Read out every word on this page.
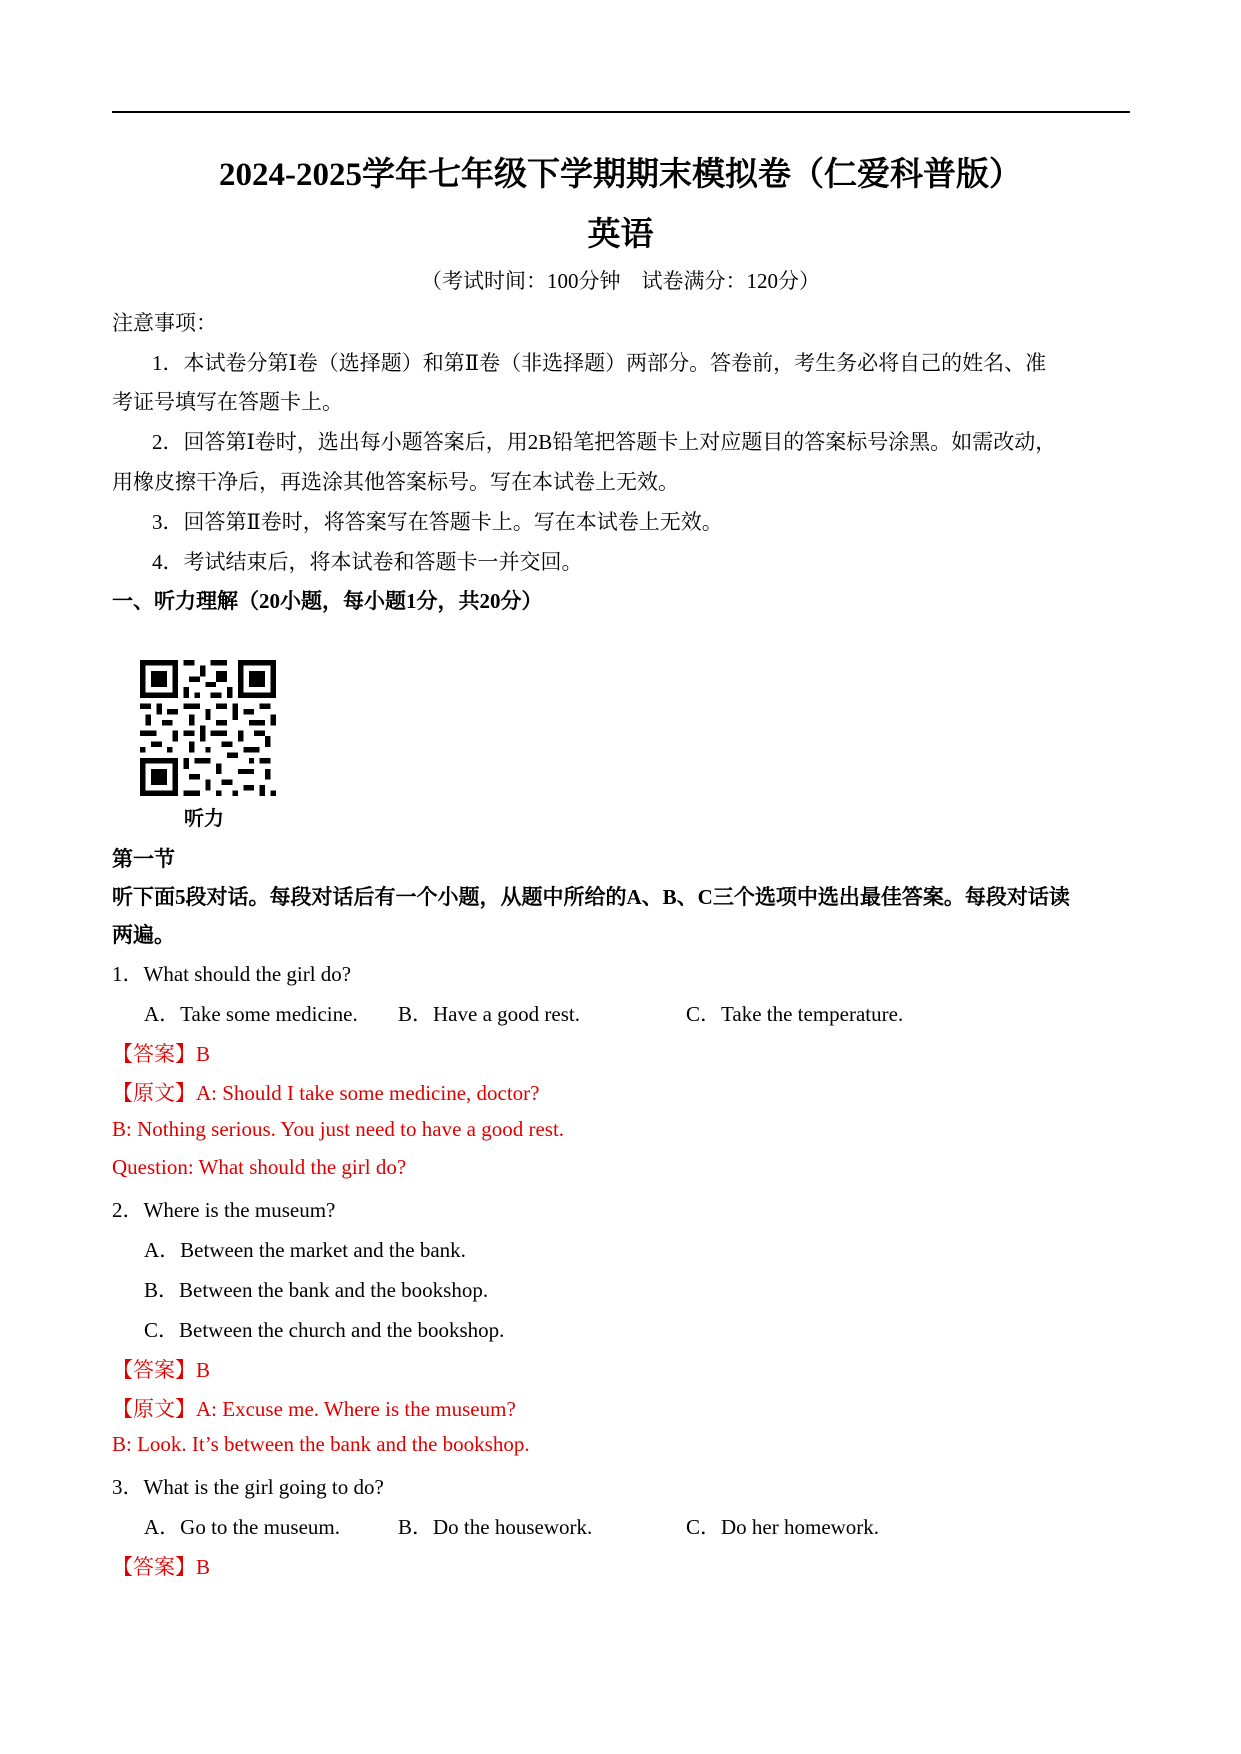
2024-2025学年七年级下学期期末模拟卷（仁爱科普版）
英语
（考试时间：100分钟　试卷满分：120分）
注意事项：
1．本试卷分第Ⅰ卷（选择题）和第Ⅱ卷（非选择题）两部分。答卷前，考生务必将自己的姓名、准
考证号填写在答题卡上。
2．回答第Ⅰ卷时，选出每小题答案后，用2B铅笔把答题卡上对应题目的答案标号涂黑。如需改动，
用橡皮擦干净后，再选涂其他答案标号。写在本试卷上无效。
3．回答第Ⅱ卷时，将答案写在答题卡上。写在本试卷上无效。
4．考试结束后，将本试卷和答题卡一并交回。
一、听力理解（20小题，每小题1分，共20分）
听力
第一节
听下面5段对话。每段对话后有一个小题，从题中所给的A、B、C三个选项中选出最佳答案。每段对话读
两遍。
1．What should the girl do?
A．Take some medicine. B．Have a good rest.	C．Take the temperature.
【答案】B
【原文】A: Should I take some medicine, doctor?
B: Nothing serious. You just need to have a good rest.
Question: What should the girl do?
2．Where is the museum?
A．Between the market and the bank.
B．Between the bank and the bookshop.
C．Between the church and the bookshop.
【答案】B
【原文】A: Excuse me. Where is the museum?
B: Look. It’s between the bank and the bookshop.
3．What is the girl going to do?
A．Go to the museum.	B．Do the housework.	C．Do her homework.
【答案】B
